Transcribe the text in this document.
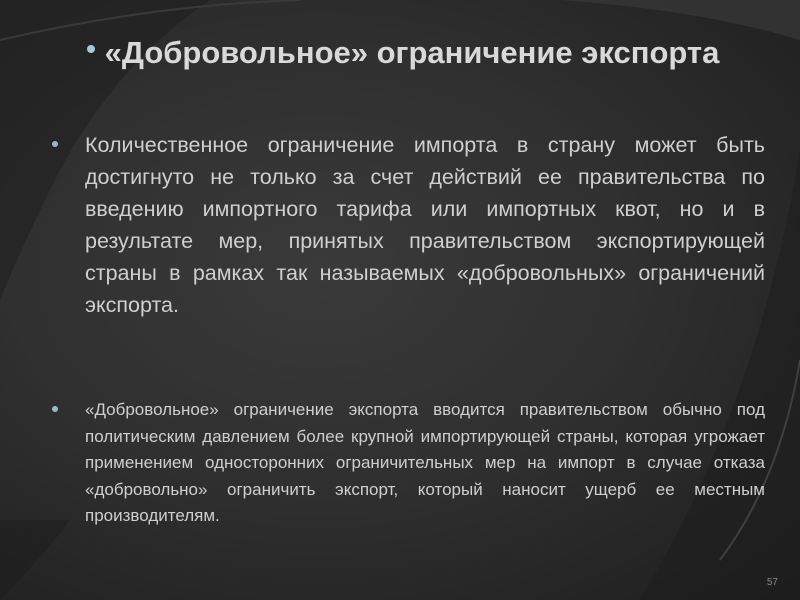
«Добровольное» ограничение экспорта

Количественное ограничение импорта в страну может быть достигнуто не только за счет действий ее правительства по введению импортного тарифа или импортных квот, но и в результате мер, принятых правительством экспортирующей страны в рамках так называемых «добровольных» ограничений экспорта.

«Добровольное» ограничение экспорта вводится правительством обычно под политическим давлением более крупной импортирующей страны, которая угрожает применением односторонних ограничительных мер на импорт в случае отказа «добровольно» ограничить экспорт, который наносит ущерб ее местным производителям.

57
